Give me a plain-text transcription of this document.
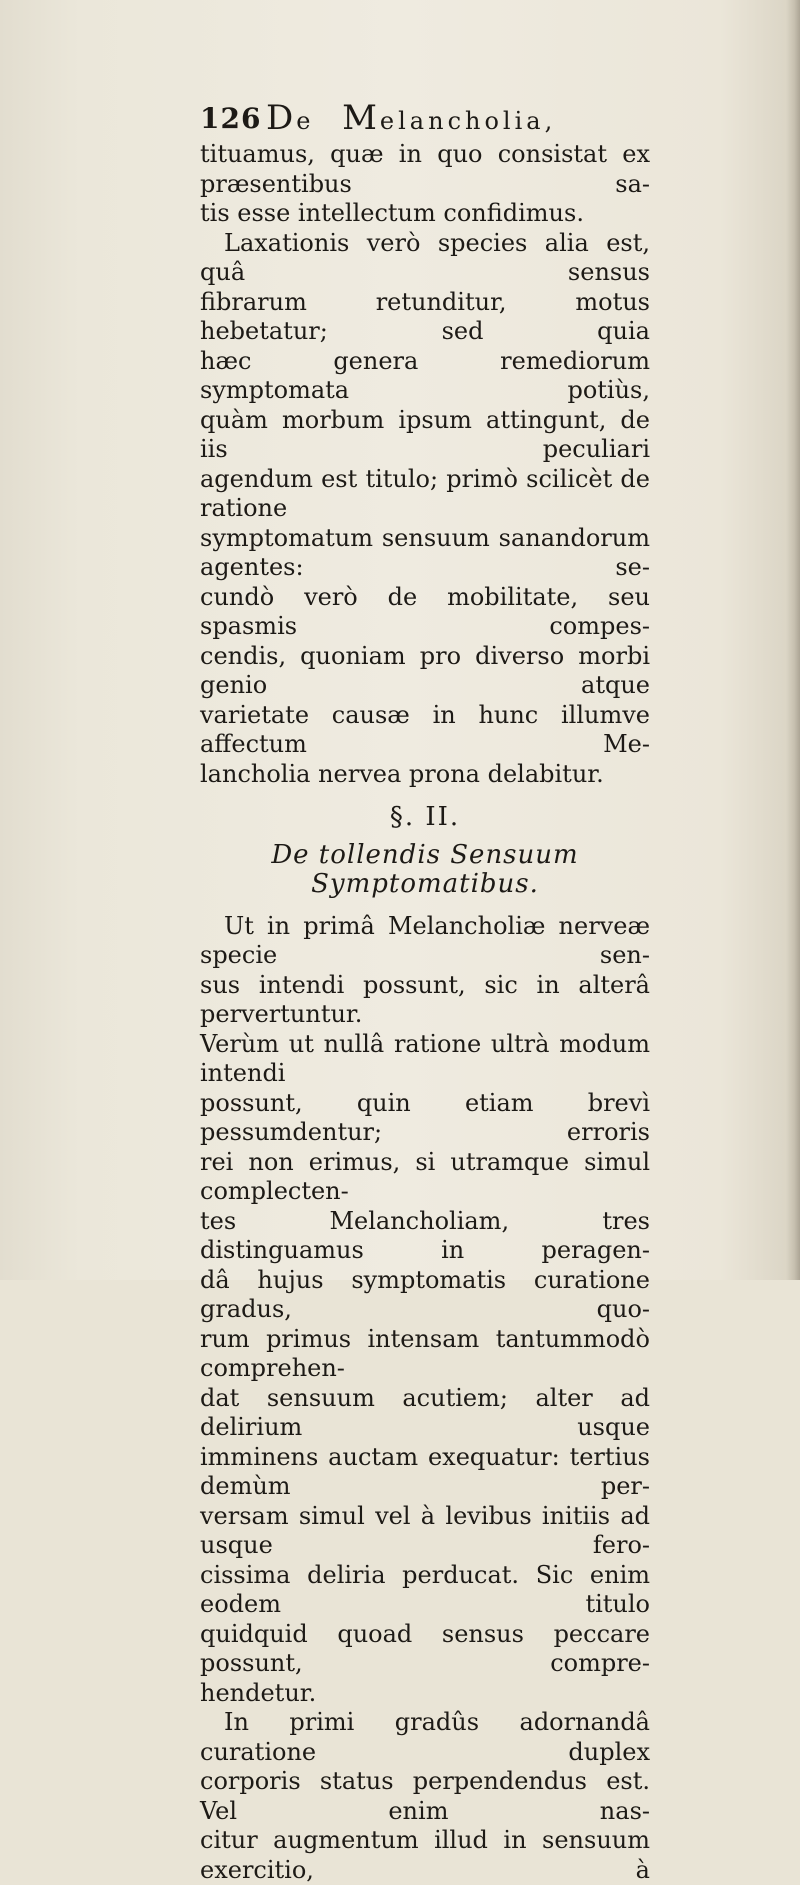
126 De Melancholia,

tituamus, quæ in quo consistat ex præsentibus sa-

tis esse intellectum confidimus.

Laxationis verò species alia est, quâ sensus

fibrarum retunditur, motus hebetatur; sed quia

hæc genera remediorum symptomata potiùs,

quàm morbum ipsum attingunt, de iis peculiari

agendum est titulo; primò scilicèt de ratione

symptomatum sensuum sanandorum agentes: se-

cundò verò de mobilitate, seu spasmis compes-

cendis, quoniam pro diverso morbi genio atque

varietate causæ in hunc illumve affectum Me-

lancholia nervea prona delabitur.

§. II.
De tollendis Sensuum Symptomatibus.

Ut in primâ Melancholiæ nerveæ specie sen-

sus intendi possunt, sic in alterâ pervertuntur.

Verùm ut nullâ ratione ultrà modum intendi

possunt, quin etiam brevì pessumdentur; erroris

rei non erimus, si utramque simul complecten-

tes Melancholiam, tres distinguamus in peragen-

dâ hujus symptomatis curatione gradus, quo-

rum primus intensam tantummodò comprehen-

dat sensuum acutiem; alter ad delirium usque

imminens auctam exequatur: tertius demùm per-

versam simul vel à levibus initiis ad usque fero-

cissima deliria perducat. Sic enim eodem titulo

quidquid quoad sensus peccare possunt, compre-

hendetur.

In primi gradûs adornandâ curatione duplex

corporis status perpendendus est. Vel enim nas-

citur augmentum illud in sensuum exercitio, à
